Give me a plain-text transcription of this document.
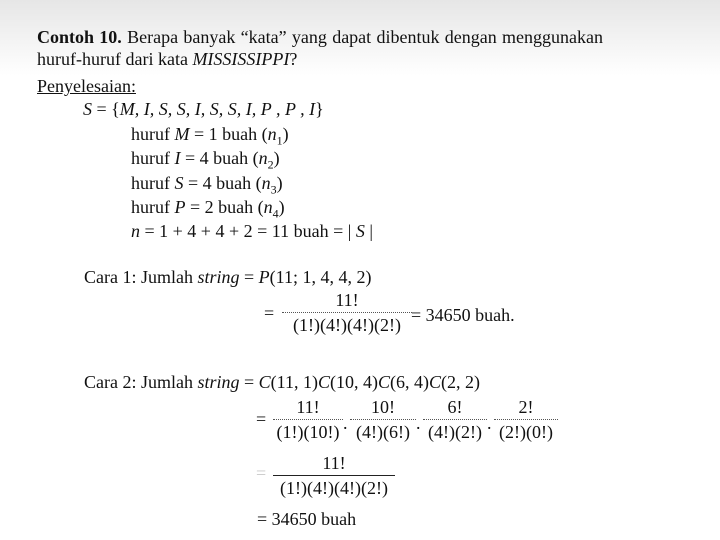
Contoh 10. Berapa banyak “kata” yang dapat dibentuk dengan menggunakan huruf-huruf dari kata MISSISSIPPI?
Penyelesaian:
S = {M, I, S, S, I, S, S, I, P , P , I}
huruf M = 1 buah $(n_1)$
huruf I = 4 buah $(n_2)$
huruf S = 4 buah $(n_3)$
huruf P = 2 buah $(n_4)$
n = 1 + 4 + 4 + 2 = 11 buah = | S |
Cara 1: Jumlah string = P(11; 1, 4, 4, 2)
=
11!
(1!)(4!)(4!)(2!) = 34650 buah.
Cara 2: Jumlah string = C(11, 1)C(10, 4)C(6, 4)C(2, 2)
=
11!
(1!)(10!) .
10!
(4!)(6!) .
6!
(4!)(2!) .
2!
(2!)(0!)
=	11!
(1!)(4!)(4!)(2!)
= 34650 buah
